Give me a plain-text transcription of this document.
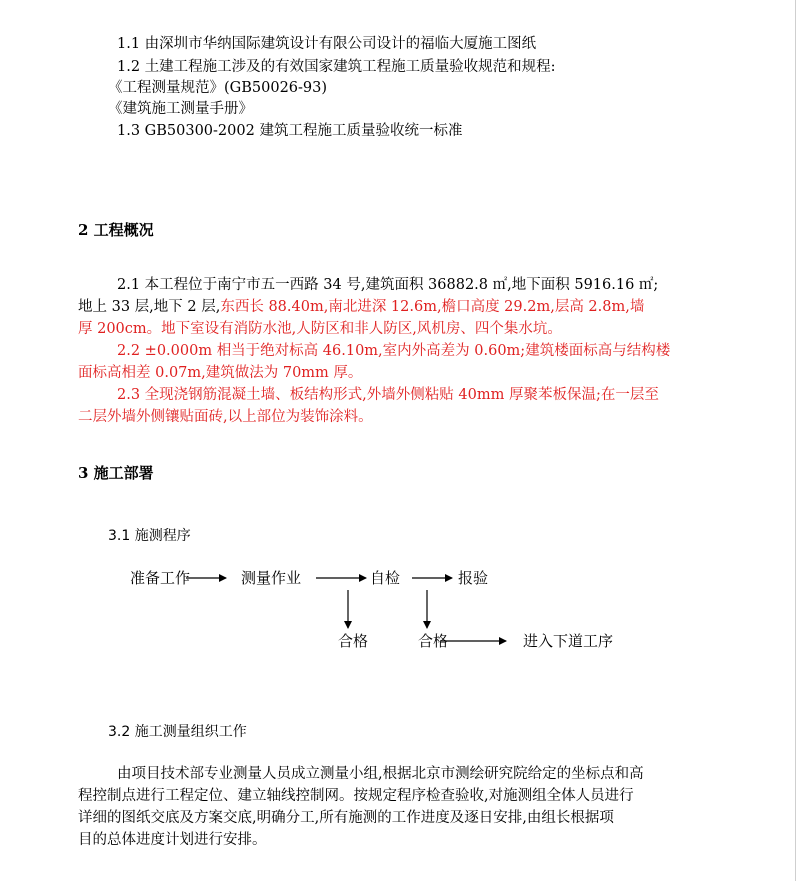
1.1 由深圳市华纳国际建筑设计有限公司设计的福临大厦施工图纸
1.2 土建工程施工涉及的有效国家建筑工程施工质量验收规范和规程:
《工程测量规范》(GB50026-93)
《建筑施工测量手册》
1.3 GB50300-2002 建筑工程施工质量验收统一标准
2 工程概况
2.1 本工程位于南宁市五一西路 34 号,建筑面积 36882.8 ㎡,地下面积 5916.16 ㎡;
地上 33 层,地下 2 层,东西长 88.40m,南北进深 12.6m,檐口高度 29.2m,层高 2.8m,墙
厚 200cm。地下室设有消防水池,人防区和非人防区,风机房、四个集水坑。
2.2 ±0.000m 相当于绝对标高 46.10m,室内外高差为 0.60m;建筑楼面标高与结构楼
面标高相差 0.07m,建筑做法为 70mm 厚。
2.3 全现浇钢筋混凝土墙、板结构形式,外墙外侧粘贴 40mm 厚聚苯板保温;在一层至
二层外墙外侧镶贴面砖,以上部位为装饰涂料。
3 施工部署
3.1 施测程序
准备工作	测量作业	自检	报验
合格	合格	进入下道工序
3.2 施工测量组织工作
由项目技术部专业测量人员成立测量小组,根据北京市测绘研究院给定的坐标点和高
程控制点进行工程定位、建立轴线控制网。按规定程序检查验收,对施测组全体人员进行
详细的图纸交底及方案交底,明确分工,所有施测的工作进度及逐日安排,由组长根据项
目的总体进度计划进行安排。
